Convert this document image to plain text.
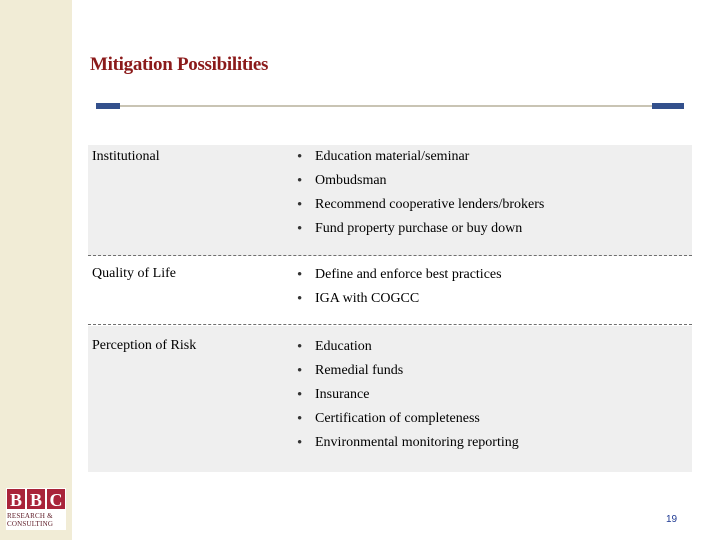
Mitigation Possibilities
Institutional	• Education material/seminar
• Ombudsman
• Recommend cooperative lenders/brokers
• Fund property purchase or buy down
Quality of Life	• Define and enforce best practices
• IGA with COGCC
Perception of Risk	• Education
• Remedial funds
• Insurance
• Certification of completeness
• Environmental monitoring reporting
B B C
RESEARCH &
CONSULTING	19
